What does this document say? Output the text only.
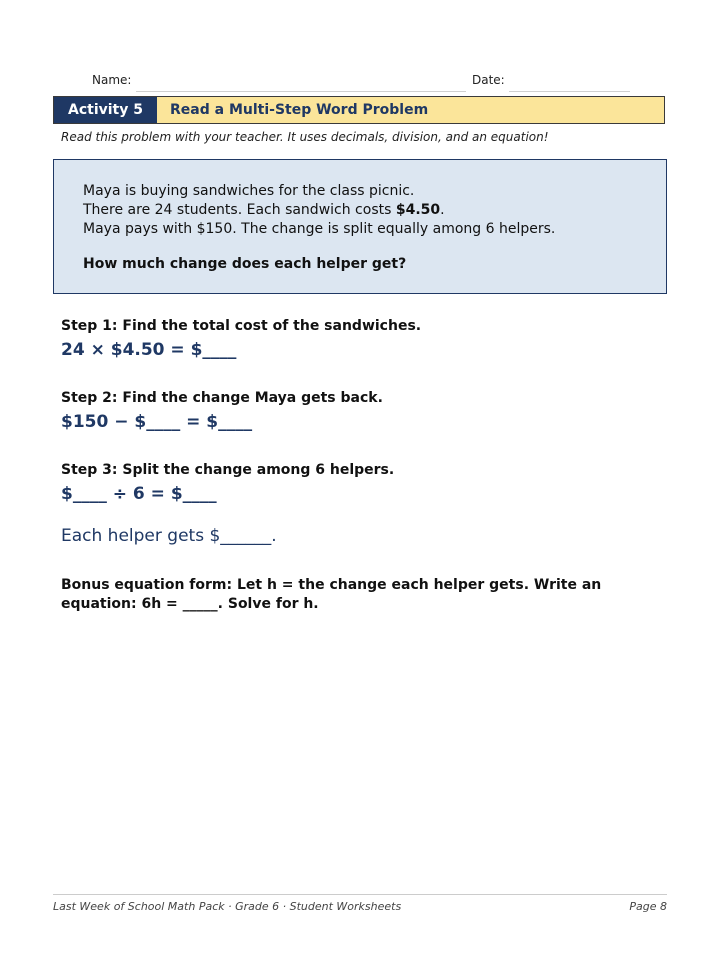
Name:	Date:
Activity 5	Read a Multi-Step Word Problem
Read this problem with your teacher. It uses decimals, division, and an equation!
Maya is buying sandwiches for the class picnic.
There are 24 students. Each sandwich costs $4.50.
Maya pays with $150. The change is split equally among 6 helpers.
How much change does each helper get?
Step 1: Find the total cost of the sandwiches.
24 × $4.50 = $____
Step 2: Find the change Maya gets back.
$150 − $____ = $____
Step 3: Split the change among 6 helpers.
$____ ÷ 6 = $____
Each helper gets $______.
Bonus equation form: Let h = the change each helper gets. Write an equation: 6h = _____. Solve for h.
Last Week of School Math Pack · Grade 6 · Student Worksheets	Page 8
